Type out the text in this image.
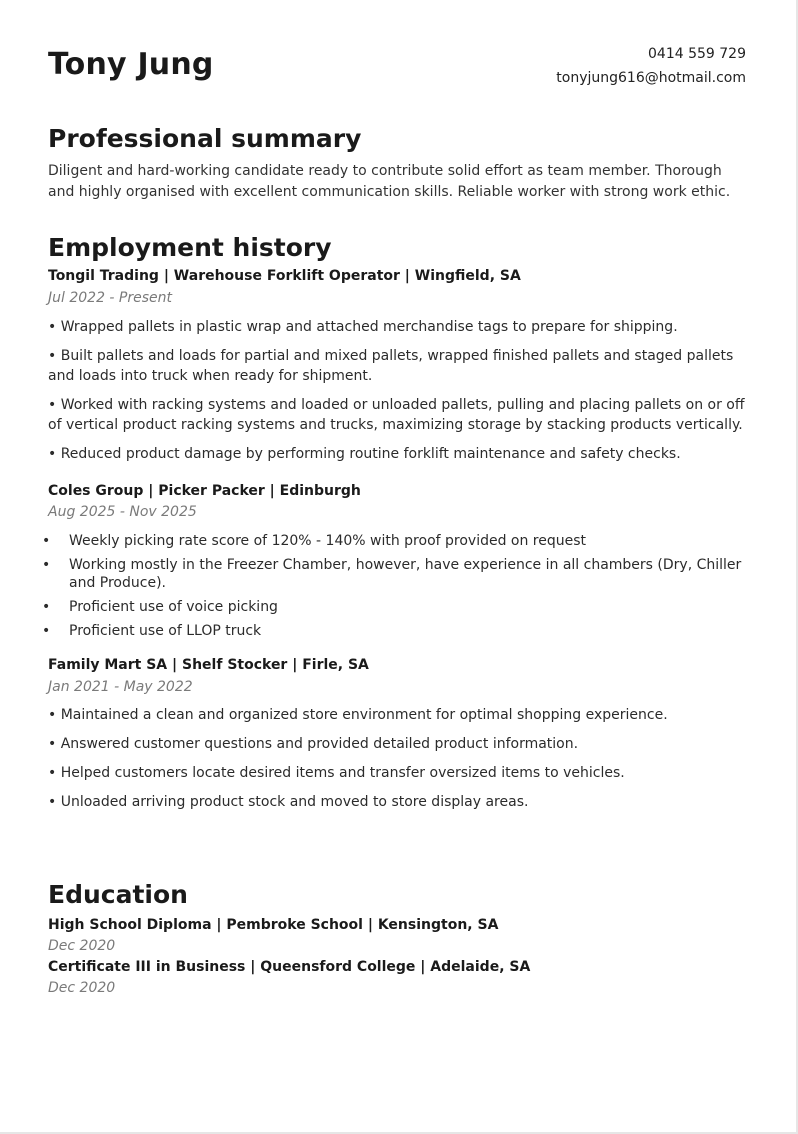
Tony Jung	0414 559 729
tonyjung616@hotmail.com
Professional summary

Diligent and hard-working candidate ready to contribute solid effort as team member. Thorough

and highly organised with excellent communication skills. Reliable worker with strong work ethic.

Employment history

Tongil Trading | Warehouse Forklift Operator | Wingfield, SA

Jul 2022 - Present

• Wrapped pallets in plastic wrap and attached merchandise tags to prepare for shipping.

• Built pallets and loads for partial and mixed pallets, wrapped finished pallets and staged pallets and loads into truck when ready for shipment.

• Worked with racking systems and loaded or unloaded pallets, pulling and placing pallets on or off of vertical product racking systems and trucks, maximizing storage by stacking products vertically.

• Reduced product damage by performing routine forklift maintenance and safety checks.

Coles Group | Picker Packer | Edinburgh

Aug 2025 - Nov 2025

• Weekly picking rate score of 120% - 140% with proof provided on request
• Working mostly in the Freezer Chamber, however, have experience in all chambers (Dry, Chiller and Produce).
• Proficient use of voice picking
• Proficient use of LLOP truck

Family Mart SA | Shelf Stocker | Firle, SA

Jan 2021 - May 2022

• Maintained a clean and organized store environment for optimal shopping experience.

• Answered customer questions and provided detailed product information.

• Helped customers locate desired items and transfer oversized items to vehicles.

• Unloaded arriving product stock and moved to store display areas.

Education

High School Diploma | Pembroke School | Kensington, SA

Dec 2020

Certificate III in Business | Queensford College | Adelaide, SA

Dec 2020
